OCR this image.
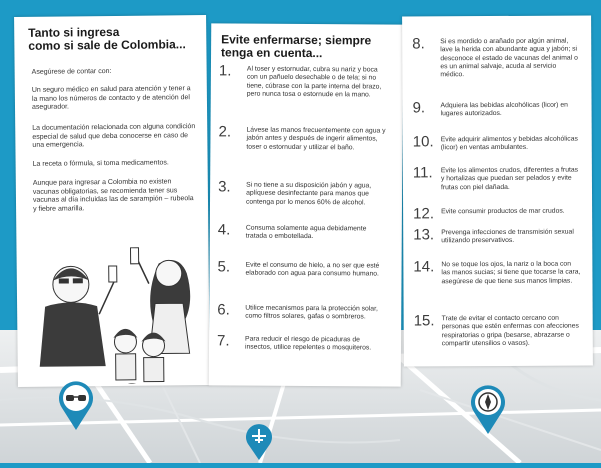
Tanto si ingresa
como si sale de Colombia...

Asegúrese de contar con:

Un seguro médico en salud para atención y tener a la mano los números de contacto y de atención del asegurador.

La documentación relacionada con alguna condición especial de salud que deba conocerse en caso de una emergencia.

La receta o fórmula, si toma medicamentos.

Aunque para ingresar a Colombia no existen vacunas obligatorias, se recomienda tener sus vacunas al día incluidas las de sarampión – rubeola y fiebre amarilla.

Evite enfermarse; siempre tenga en cuenta...
1.	Al toser y estornudar, cubra su nariz y boca con un pañuelo desechable o de tela; si no tiene, cúbrase con la parte interna del brazo, pero nunca tosa o estornude en la mano.
2.	Lávese las manos frecuentemente con agua y jabón antes y después de ingerir alimentos, toser o estornudar y utilizar el baño.
3.	Si no tiene a su disposición jabón y agua, aplíquese desinfectante para manos que contenga por lo menos 60% de alcohol.
4.	Consuma solamente agua debidamente tratada o embotellada.
5.	Evite el consumo de hielo, a no ser que esté elaborado con agua para consumo humano.
6.	Utilice mecanismos para la protección solar, como filtros solares, gafas o sombreros.
7.	Para reducir el riesgo de picaduras de insectos, utilice repelentes o mosquiteros.
8.	Si es mordido o arañado por algún animal, lave la herida con abundante agua y jabón; si desconoce el estado de vacunas del animal o es un animal salvaje, acuda al servicio médico.
9.	Adquiera las bebidas alcohólicas (licor) en lugares autorizados.
10. Evite adquirir alimentos y bebidas alcohólicas (licor) en ventas ambulantes.
11.	Evite los alimentos crudos, diferentes a frutas y hortalizas que puedan ser pelados y evite frutas con piel dañada.
12. Evite consumir productos de mar crudos.
13. Prevenga infecciones de transmisión sexual utilizando preservativos.
14. No se toque los ojos, la nariz o la boca con las manos sucias; si tiene que tocarse la cara, asegúrese de que tiene sus manos limpias.
15. Trate de evitar el contacto cercano con personas que estén enfermas con afecciones respiratorias o gripa (besarse, abrazarse o compartir utensilios o vasos).
